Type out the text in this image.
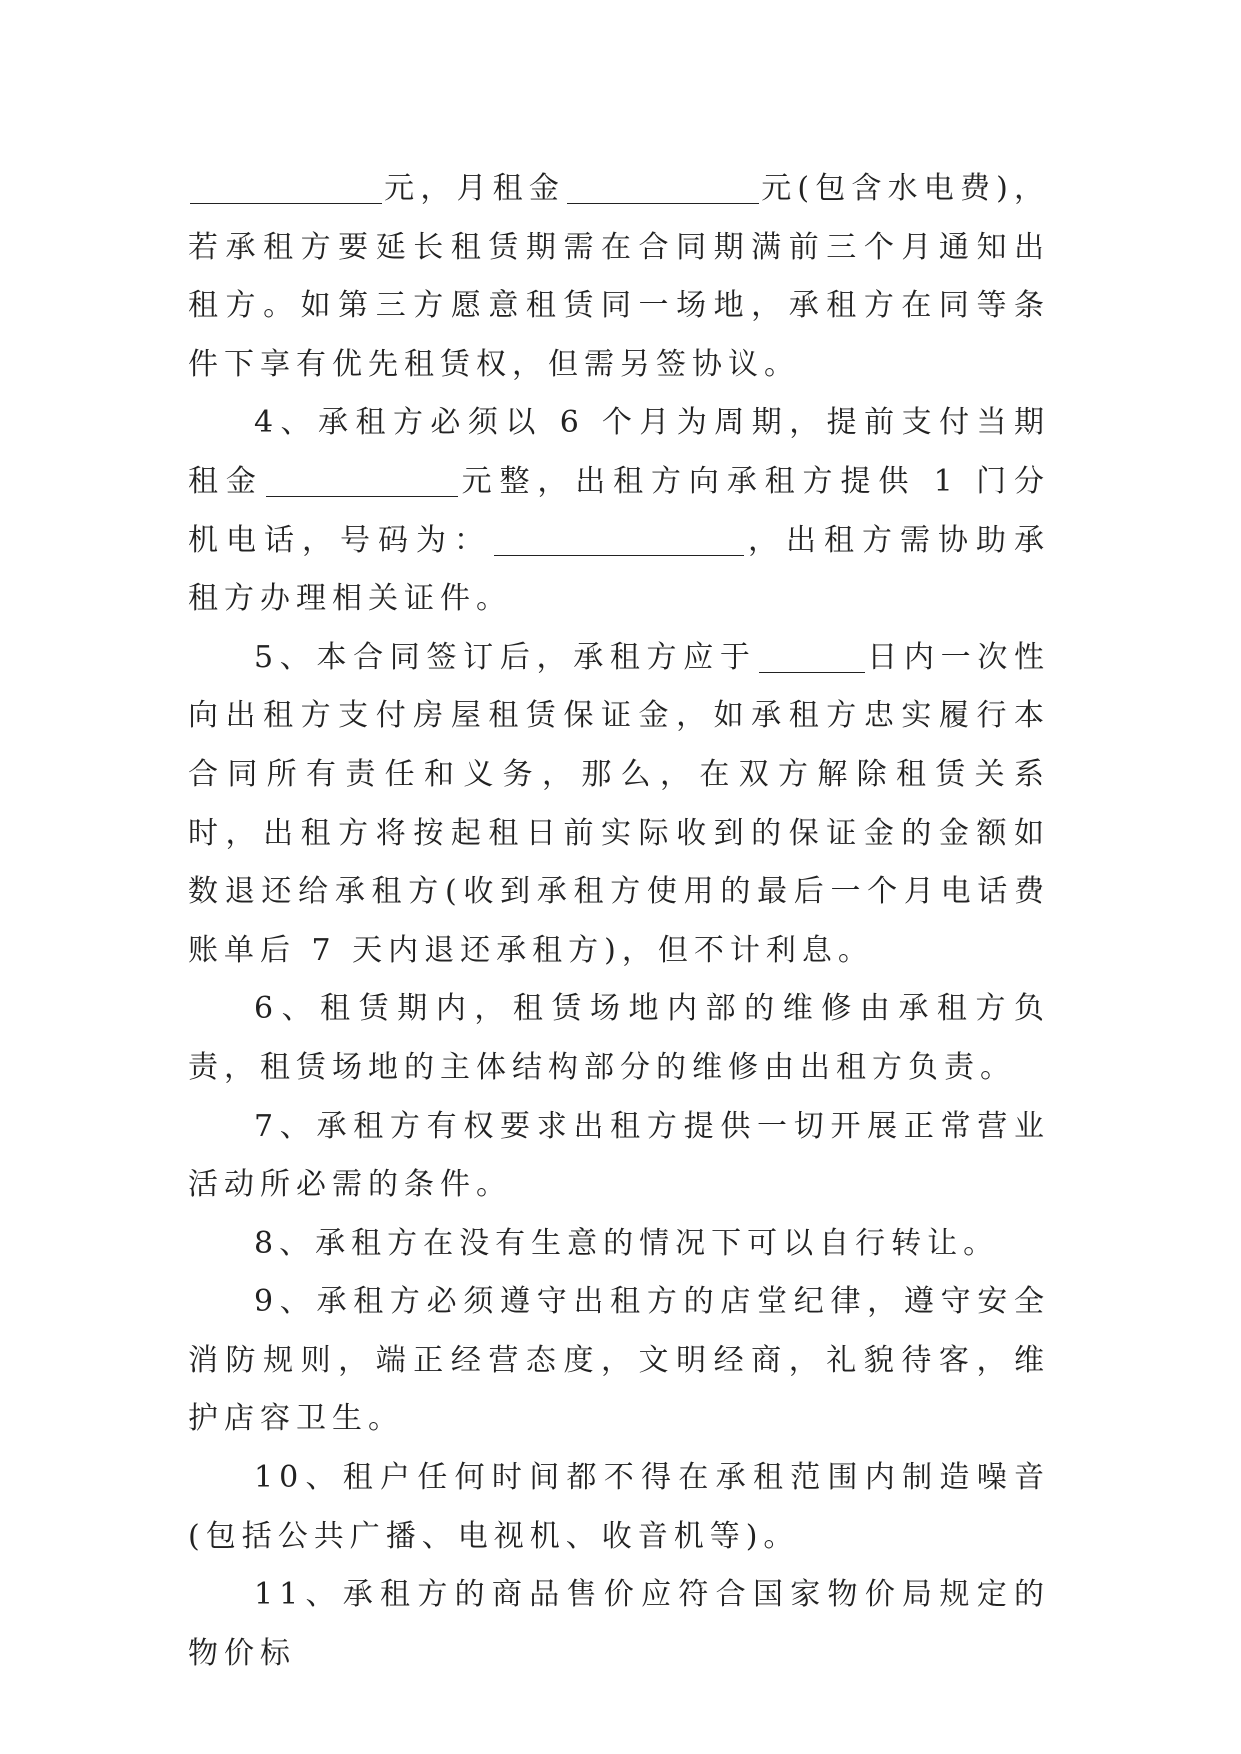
元，月租金	元(包含水电费)，若承租方要延长租赁期需在合同期满前三个月通知出租方。如第三方愿意租赁同一场地，承租方在同等条件下享有优先租赁权，但需另签协议。

4、承租方必须以 6 个月为周期，提前支付当期租金	元整，出租方向承租方提供 1 门分机电话，号码为：	，出租方需协助承租方办理相关证件。

5、本合同签订后，承租方应于	日内一次性向出租方支付房屋租赁保证金，如承租方忠实履行本合同所有责任和义务，那么，在双方解除租赁关系时，出租方将按起租日前实际收到的保证金的金额如数退还给承租方(收到承租方使用的最后一个月电话费账单后 7 天内退还承租方)，但不计利息。

6、租赁期内，租赁场地内部的维修由承租方负责，租赁场地的主体结构部分的维修由出租方负责。

7、承租方有权要求出租方提供一切开展正常营业活动所必需的条件。

8、承租方在没有生意的情况下可以自行转让。

9、承租方必须遵守出租方的店堂纪律，遵守安全消防规则，端正经营态度，文明经商，礼貌待客，维护店容卫生。

10、租户任何时间都不得在承租范围内制造噪音(包括公共广播、电视机、收音机等)。

11、承租方的商品售价应符合国家物价局规定的物价标
